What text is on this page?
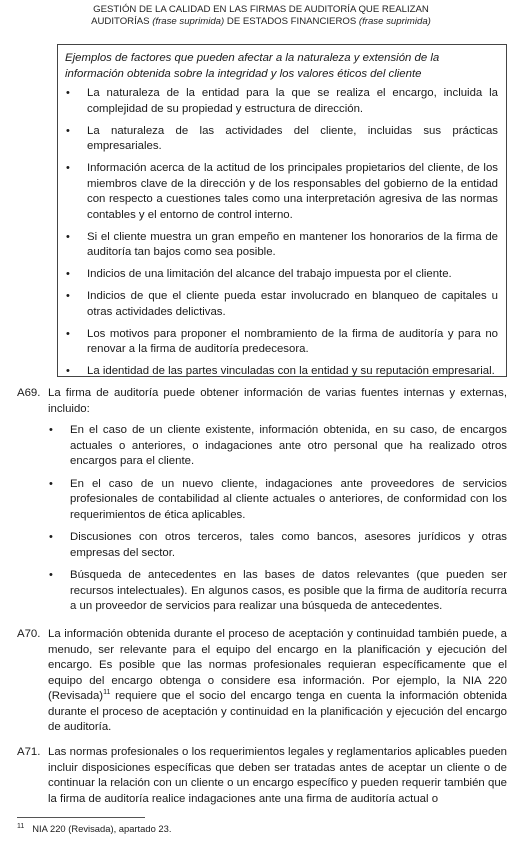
GESTIÓN DE LA CALIDAD EN LAS FIRMAS DE AUDITORÍA QUE REALIZAN
AUDITORÍAS (frase suprimida) DE ESTADOS FINANCIEROS (frase suprimida)

Ejemplos de factores que pueden afectar a la naturaleza y extensión de la información obtenida sobre la integridad y los valores éticos del cliente

• La naturaleza de la entidad para la que se realiza el encargo, incluida la complejidad de su propiedad y estructura de dirección.
• La naturaleza de las actividades del cliente, incluidas sus prácticas empresariales.
• Información acerca de la actitud de los principales propietarios del cliente, de los miembros clave de la dirección y de los responsables del gobierno de la entidad con respecto a cuestiones tales como una interpretación agresiva de las normas contables y el entorno de control interno.
• Si el cliente muestra un gran empeño en mantener los honorarios de la firma de auditoría tan bajos como sea posible.
• Indicios de una limitación del alcance del trabajo impuesta por el cliente.
• Indicios de que el cliente pueda estar involucrado en blanqueo de capitales u otras actividades delictivas.
• Los motivos para proponer el nombramiento de la firma de auditoría y para no renovar a la firma de auditoría predecesora.
• La identidad de las partes vinculadas con la entidad y su reputación empresarial.
A69. La firma de auditoría puede obtener información de varias fuentes internas y externas, incluido:
• En el caso de un cliente existente, información obtenida, en su caso, de encargos actuales o anteriores, o indagaciones ante otro personal que ha realizado otros encargos para el cliente.
• En el caso de un nuevo cliente, indagaciones ante proveedores de servicios profesionales de contabilidad al cliente actuales o anteriores, de conformidad con los requerimientos de ética aplicables.
• Discusiones con otros terceros, tales como bancos, asesores jurídicos y otras empresas del sector.
• Búsqueda de antecedentes en las bases de datos relevantes (que pueden ser recursos intelectuales). En algunos casos, es posible que la firma de auditoría recurra a un proveedor de servicios para realizar una búsqueda de antecedentes.
A70. La información obtenida durante el proceso de aceptación y continuidad también puede, a menudo, ser relevante para el equipo del encargo en la planificación y ejecución del encargo. Es posible que las normas profesionales requieran específicamente que el equipo del encargo obtenga o considere esa información. Por ejemplo, la NIA 220 (Revisada)$^{11}$ requiere que el socio del encargo tenga en cuenta la información obtenida durante el proceso de aceptación y continuidad en la planificación y ejecución del encargo de auditoría.
A71. Las normas profesionales o los requerimientos legales y reglamentarios aplicables pueden incluir disposiciones específicas que deben ser tratadas antes de aceptar un cliente o de continuar la relación con un cliente o un encargo específico y pueden requerir también que la firma de auditoría realice indagaciones ante una firma de auditoría actual o
$^{11}$ NIA 220 (Revisada), apartado 23.
